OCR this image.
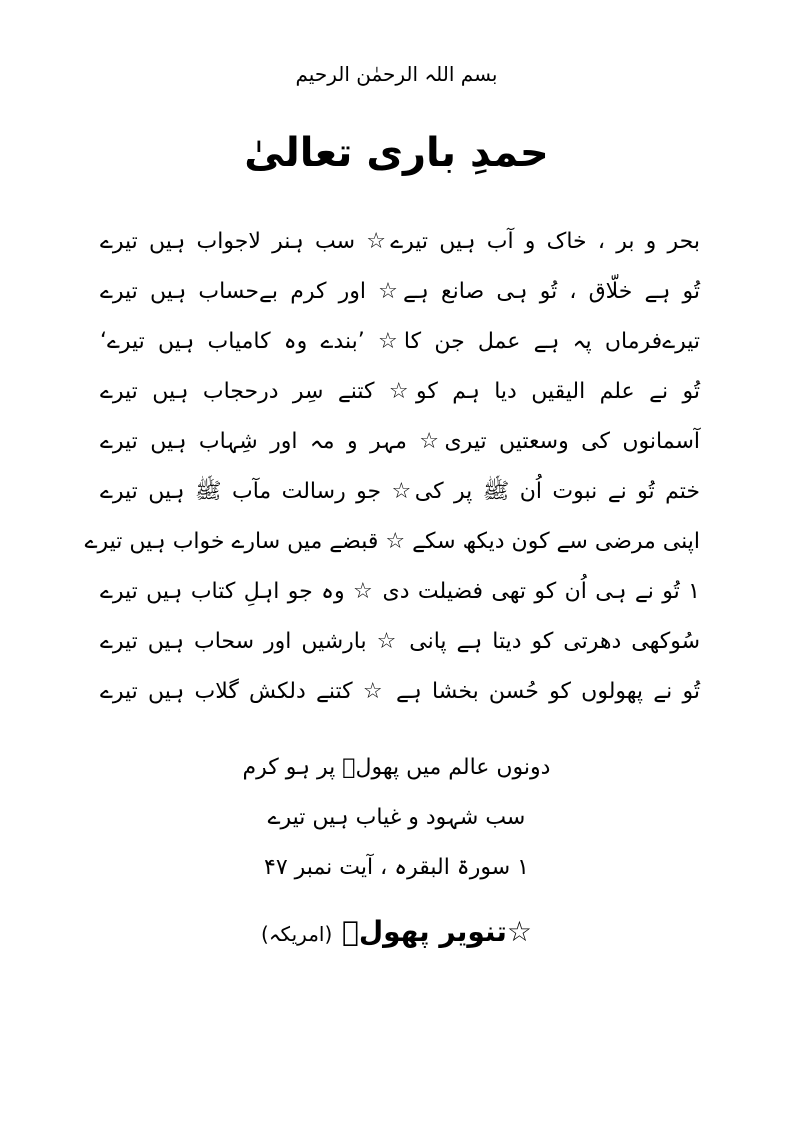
بسم اللہ الرحمٰن الرحیم
حمدِ باری تعالیٰ
بحر و بر ، خاک و آب ہیں تیرے☆ سب ہنر لاجواب ہیں تیرے
تُو ہے خلّاق ، تُو ہی صانع ہے☆ اور کرم بےحساب ہیں تیرے
تیرےفرماں پہ ہے عمل جن کا☆ ’بندے وہ کامیاب ہیں تیرے‘
تُو نے علم الیقیں دیا ہم کو☆ کتنے سِر درحجاب ہیں تیرے
آسمانوں کی وسعتیں تیری☆ مہر و مہ اور شِہاب ہیں تیرے
ختم تُو نے نبوت اُن ﷺ پر کی☆ جو رسالت مآب ﷺ ہیں تیرے
اپنی مرضی سے کون دیکھ سکے ☆ قبضے میں سارے خواب ہیں تیرے
۱ تُو نے ہی اُن کو تھی فضیلت دی ☆ وہ جو اہلِ کتاب ہیں تیرے
سُوکھی دھرتی کو دیتا ہے پانی ☆ بارشیں اور سحاب ہیں تیرے
تُو نے پھولوں کو حُسن بخشا ہے ☆ کتنے دلکش گلاب ہیں تیرے
دونوں عالم میں پھولؔ پر ہو کرم
سب شہود و غیاب ہیں تیرے
۱ سورۃ البقرہ ، آیت نمبر ۴۷
☆تنویر پھولؔ (امریکہ)
